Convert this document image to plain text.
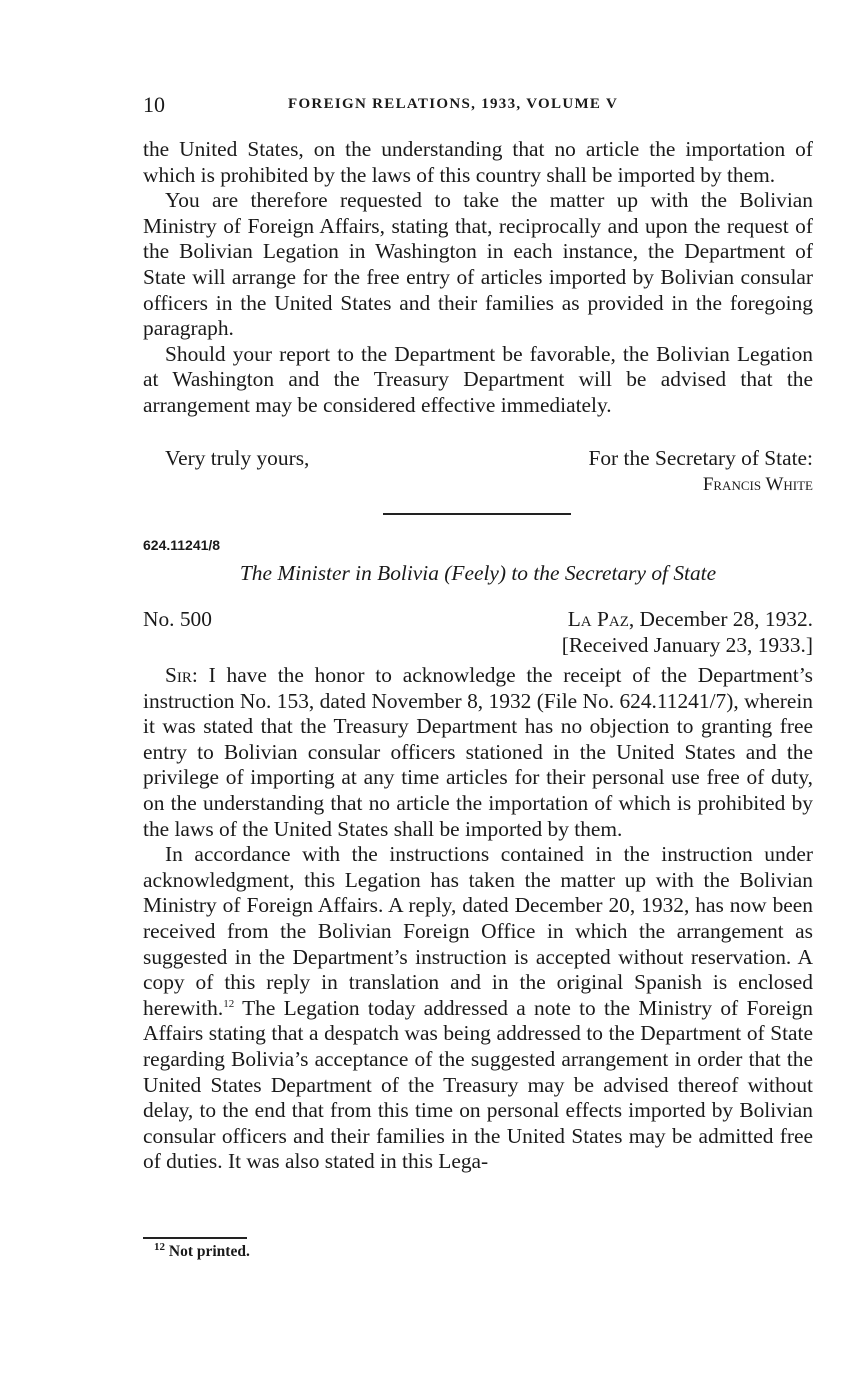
10	FOREIGN RELATIONS, 1933, VOLUME V

the United States, on the understanding that no article the importation of which is prohibited by the laws of this country shall be imported by them.

You are therefore requested to take the matter up with the Bolivian Ministry of Foreign Affairs, stating that, reciprocally and upon the request of the Bolivian Legation in Washington in each instance, the Department of State will arrange for the free entry of articles imported by Bolivian consular officers in the United States and their families as provided in the foregoing paragraph.

Should your report to the Department be favorable, the Bolivian Legation at Washington and the Treasury Department will be advised that the arrangement may be considered effective immediately.

Very truly yours,	For the Secretary of State:
Francis White
624.11241/8
The Minister in Bolivia (Feely) to the Secretary of State
No. 500	La Paz, December 28, 1932.
[Received January 23, 1933.]

Sir: I have the honor to acknowledge the receipt of the Department’s instruction No. 153, dated November 8, 1932 (File No. 624.11241/7), wherein it was stated that the Treasury Department has no objection to granting free entry to Bolivian consular officers stationed in the United States and the privilege of importing at any time articles for their personal use free of duty, on the understanding that no article the importation of which is prohibited by the laws of the United States shall be imported by them.

In accordance with the instructions contained in the instruction under acknowledgment, this Legation has taken the matter up with the Bolivian Ministry of Foreign Affairs. A reply, dated December 20, 1932, has now been received from the Bolivian Foreign Office in which the arrangement as suggested in the Department’s instruction is accepted without reservation. A copy of this reply in translation and in the original Spanish is enclosed herewith.$^{12}$ The Legation today addressed a note to the Ministry of Foreign Affairs stating that a despatch was being addressed to the Department of State regarding Bolivia’s acceptance of the suggested arrangement in order that the United States Department of the Treasury may be advised thereof without delay, to the end that from this time on personal effects imported by Bolivian consular officers and their families in the United States may be admitted free of duties. It was also stated in this Lega-

$^{12}$ Not printed.
